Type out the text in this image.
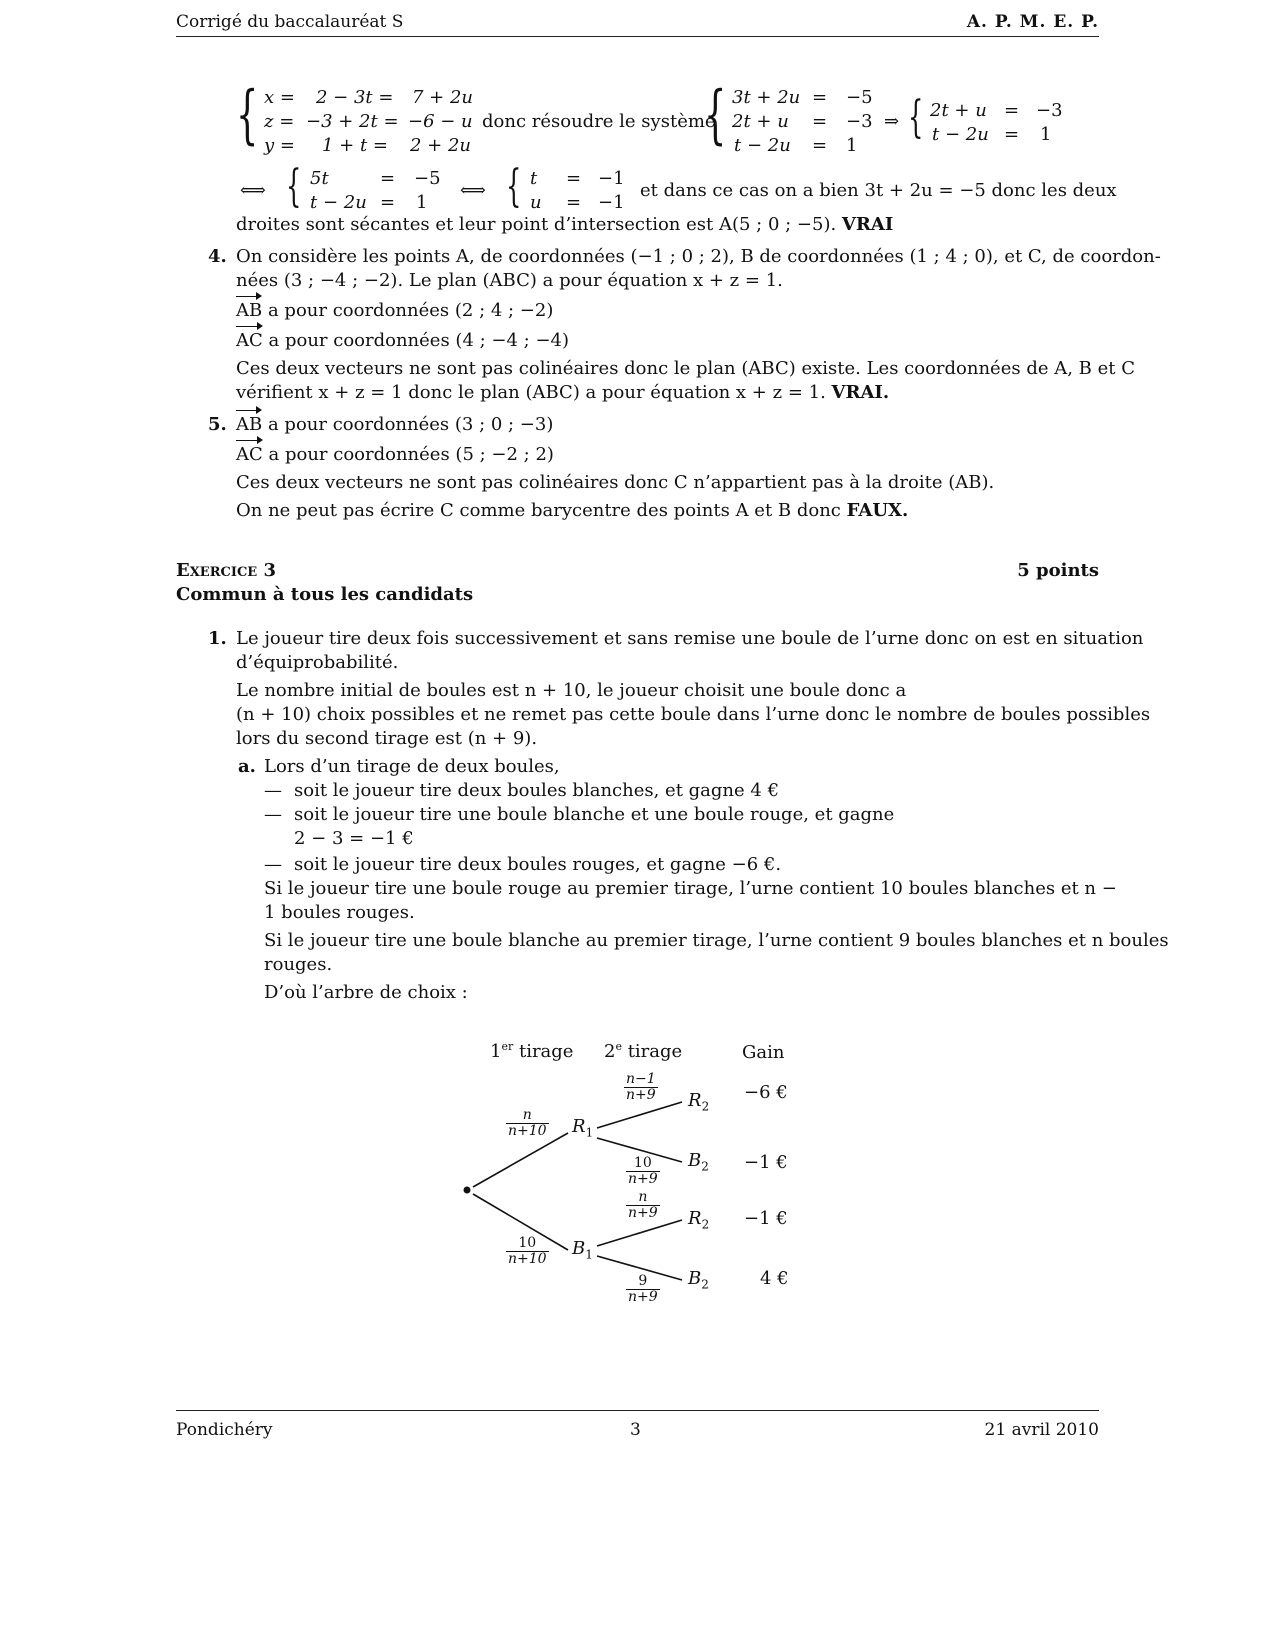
Corrigé du baccalauréat S	A. P. M. E. P.
{ x = 2 − 3t = 7 + 2u
z = −3 + 2t = −6 − u
y = 1 + t = 2 + 2u
donc résoudre le système
{ 3t + 2u = −5
2t + u = −3
t − 2u = 1
⇒ { 2t + u = −3
t − 2u = 1
⟺ { 5t	= −5
t − 2u = 1
⟺ { t = −1
u = −1
et dans ce cas on a bien 3t + 2u = −5 donc les deux
droites sont sécantes et leur point d’intersection est A(5 ; 0 ; −5). VRAI
4. On considère les points A, de coordonnées (−1 ; 0 ; 2), B de coordonnées (1 ; 4 ; 0), et C, de coordon-
nées (3 ; −4 ; −2). Le plan (ABC) a pour équation x + z = 1.
AB a pour coordonnées (2 ; 4 ; −2)
AC a pour coordonnées (4 ; −4 ; −4)
Ces deux vecteurs ne sont pas colinéaires donc le plan (ABC) existe. Les coordonnées de A, B et C
vérifient x + z = 1 donc le plan (ABC) a pour équation x + z = 1. VRAI.
5. AB a pour coordonnées (3 ; 0 ; −3)
AC a pour coordonnées (5 ; −2 ; 2)
Ces deux vecteurs ne sont pas colinéaires donc C n’appartient pas à la droite (AB).
On ne peut pas écrire C comme barycentre des points A et B donc FAUX.
Exercice 3	5 points
Commun à tous les candidats
1. Le joueur tire deux fois successivement et sans remise une boule de l’urne donc on est en situation
d’équiprobabilité.
Le nombre initial de boules est n + 10, le joueur choisit une boule donc a
(n + 10) choix possibles et ne remet pas cette boule dans l’urne donc le nombre de boules possibles
lors du second tirage est (n + 9).
a. Lors d’un tirage de deux boules,
— soit le joueur tire deux boules blanches, et gagne 4 €
— soit le joueur tire une boule blanche et une boule rouge, et gagne
2 − 3 = −1 €
— soit le joueur tire deux boules rouges, et gagne −6 €.
Si le joueur tire une boule rouge au premier tirage, l’urne contient 10 boules blanches et n −
1 boules rouges.
Si le joueur tire une boule blanche au premier tirage, l’urne contient 9 boules blanches et n boules
rouges.
D’où l’arbre de choix :
1er tirage 2e tirage	Gain
$R_1$
$B_1$
$R_2$
$B_2$
$R_2$
$B_2$
$\frac{n}{n+10}$
$\frac{10}{n+10}$
$\frac{n-1}{n+9}$
$\frac{10}{n+9}$
$\frac{n}{n+9}$
$\frac{9}{n+9}$
−6 €
−1 €
−1 €
4 €
Pondichéry	3	21 avril 2010
